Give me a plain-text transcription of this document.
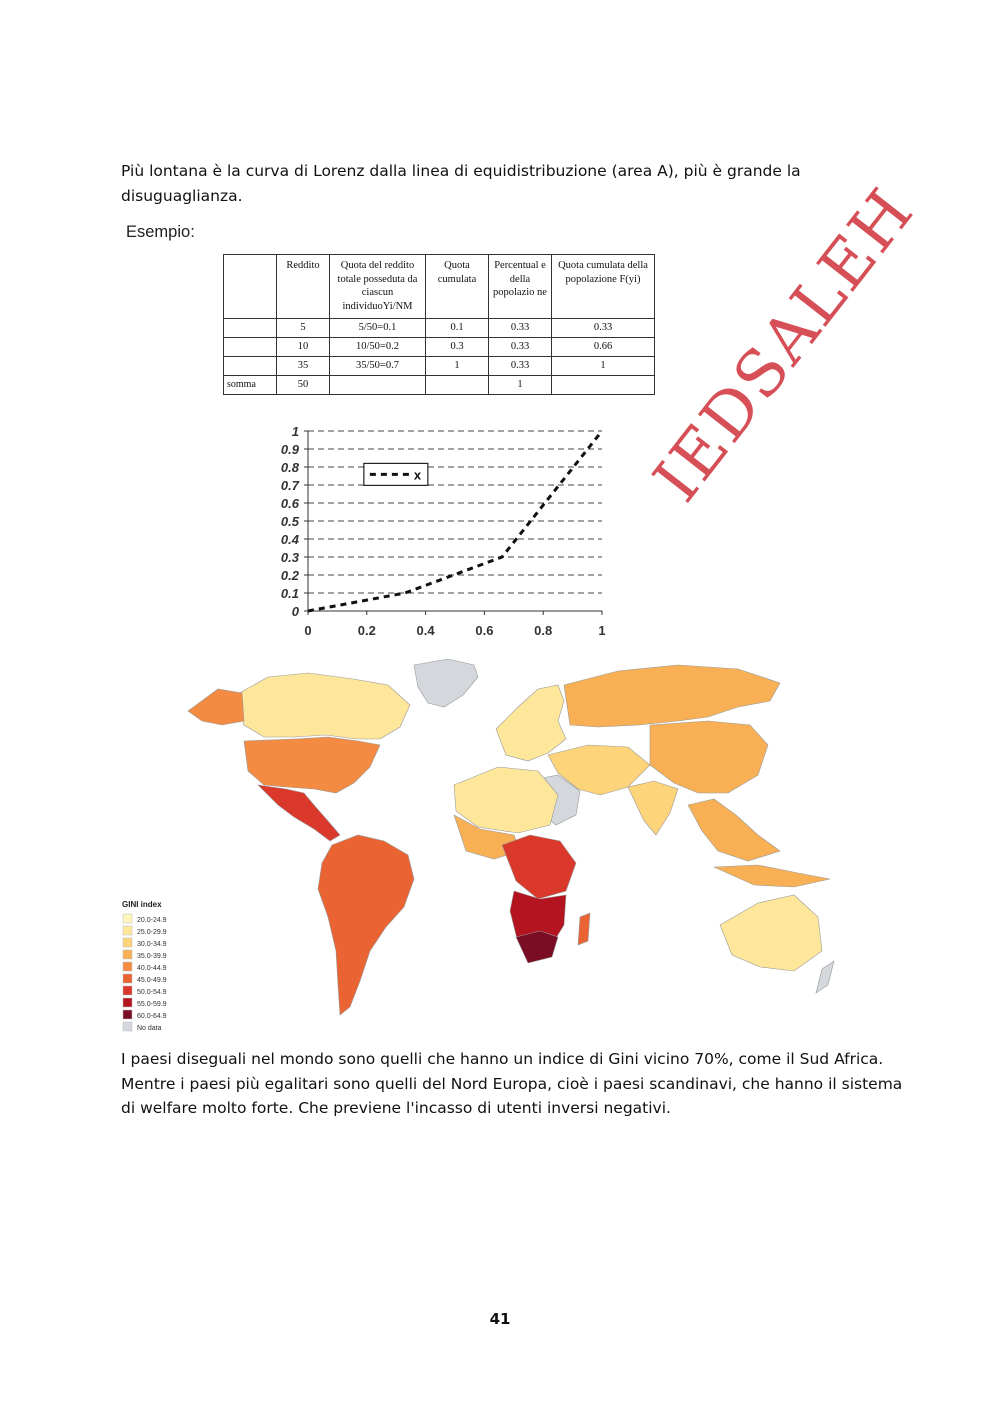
Più lontana è la curva di Lorenz dalla linea di equidistribuzione (area A), più è grande la
disuguaglianza.
Esempio:
	Reddito	Quota del reddito totale posseduta da ciascun individuoYi/NM	Quota cumulata	Percentual e della popolazio ne	Quota cumulata della popolazione F(yi)
	5	5/50=0.1	0.1	0.33	0.33
	10	10/50=0.2	0.3	0.33	0.66
	35	35/50=0.7	1	0.33	1
somma	50			1	
0
0.1
0.2
0.3
0.4
0.5
0.6
0.7
0.8
0.9
1
0	0.2	0.4	0.6	0.8	1
x
GINI index
20.0-24.9
25.0-29.9
30.0-34.9
35.0-39.9
40.0-44.9
45.0-49.9
50.0-54.9
55.0-59.9
60.0-64.9
No data
IEDSALEH
I paesi diseguali nel mondo sono quelli che hanno un indice di Gini vicino 70%, come il Sud Africa.
Mentre i paesi più egalitari sono quelli del Nord Europa, cioè i paesi scandinavi, che hanno il sistema
di welfare molto forte. Che previene l'incasso di utenti inversi negativi.
41
